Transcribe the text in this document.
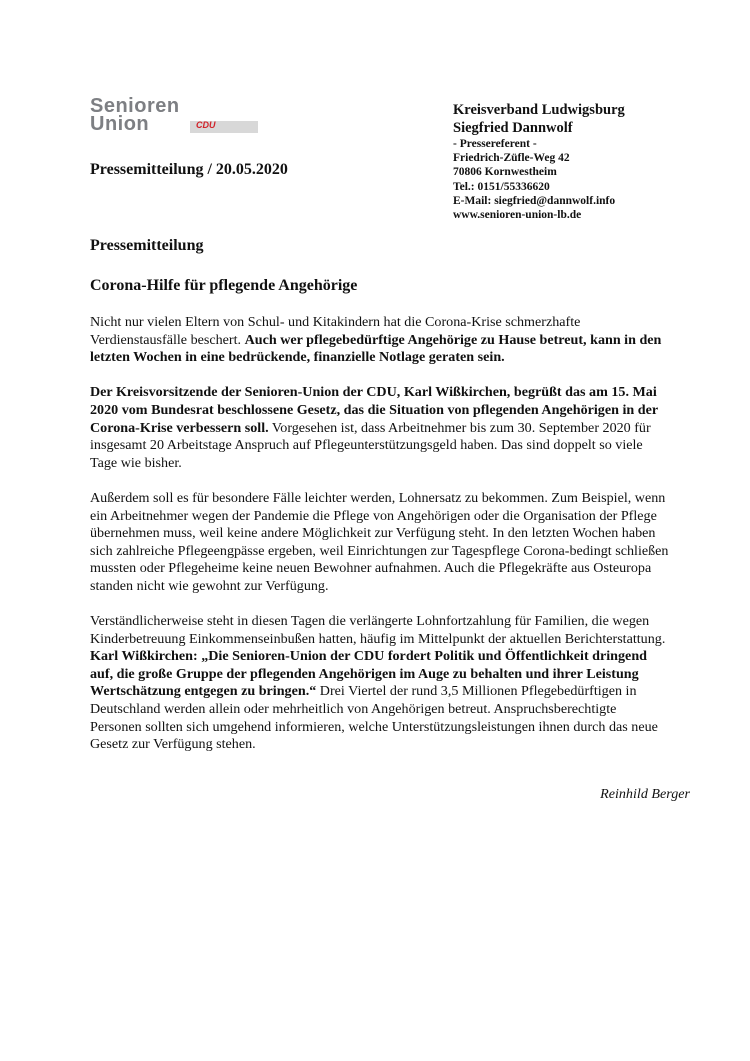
Senioren
Union	CDU
Kreisverband Ludwigsburg
Siegfried Dannwolf
- Pressereferent -
Friedrich-Züfle-Weg 42
70806 Kornwestheim
Tel.: 0151/55336620
E-Mail: siegfried@dannwolf.info
www.senioren-union-lb.de
Pressemitteilung / 20.05.2020
Pressemitteilung
Corona-Hilfe für pflegende Angehörige

Nicht nur vielen Eltern von Schul- und Kitakindern hat die Corona-Krise schmerzhafte Verdienstausfälle beschert. Auch wer pflegebedürftige Angehörige zu Hause betreut, kann in den letzten Wochen in eine bedrückende, finanzielle Notlage geraten sein.

Der Kreisvorsitzende der Senioren-Union der CDU, Karl Wißkirchen, begrüßt das am 15. Mai 2020 vom Bundesrat beschlossene Gesetz, das die Situation von pflegenden Angehörigen in der Corona-Krise verbessern soll. Vorgesehen ist, dass Arbeitnehmer bis zum 30. September 2020 für insgesamt 20 Arbeitstage Anspruch auf Pflegeunterstützungsgeld haben. Das sind doppelt so viele Tage wie bisher.

Außerdem soll es für besondere Fälle leichter werden, Lohnersatz zu bekommen. Zum Beispiel, wenn ein Arbeitnehmer wegen der Pandemie die Pflege von Angehörigen oder die Organisation der Pflege übernehmen muss, weil keine andere Möglichkeit zur Verfügung steht. In den letzten Wochen haben sich zahlreiche Pflegeengpässe ergeben, weil Einrichtungen zur Tagespflege Corona-bedingt schließen mussten oder Pflegeheime keine neuen Bewohner aufnahmen. Auch die Pflegekräfte aus Osteuropa standen nicht wie gewohnt zur Verfügung.

Verständlicherweise steht in diesen Tagen die verlängerte Lohnfortzahlung für Familien, die wegen Kinderbetreuung Einkommenseinbußen hatten, häufig im Mittelpunkt der aktuellen Berichterstattung. Karl Wißkirchen: „Die Senioren-Union der CDU fordert Politik und Öffentlichkeit dringend auf, die große Gruppe der pflegenden Angehörigen im Auge zu behalten und ihrer Leistung Wertschätzung entgegen zu bringen.“ Drei Viertel der rund 3,5 Millionen Pflegebedürftigen in Deutschland werden allein oder mehrheitlich von Angehörigen betreut. Anspruchsberechtigte Personen sollten sich umgehend informieren, welche Unterstützungsleistungen ihnen durch das neue Gesetz zur Verfügung stehen.

Reinhild Berger
